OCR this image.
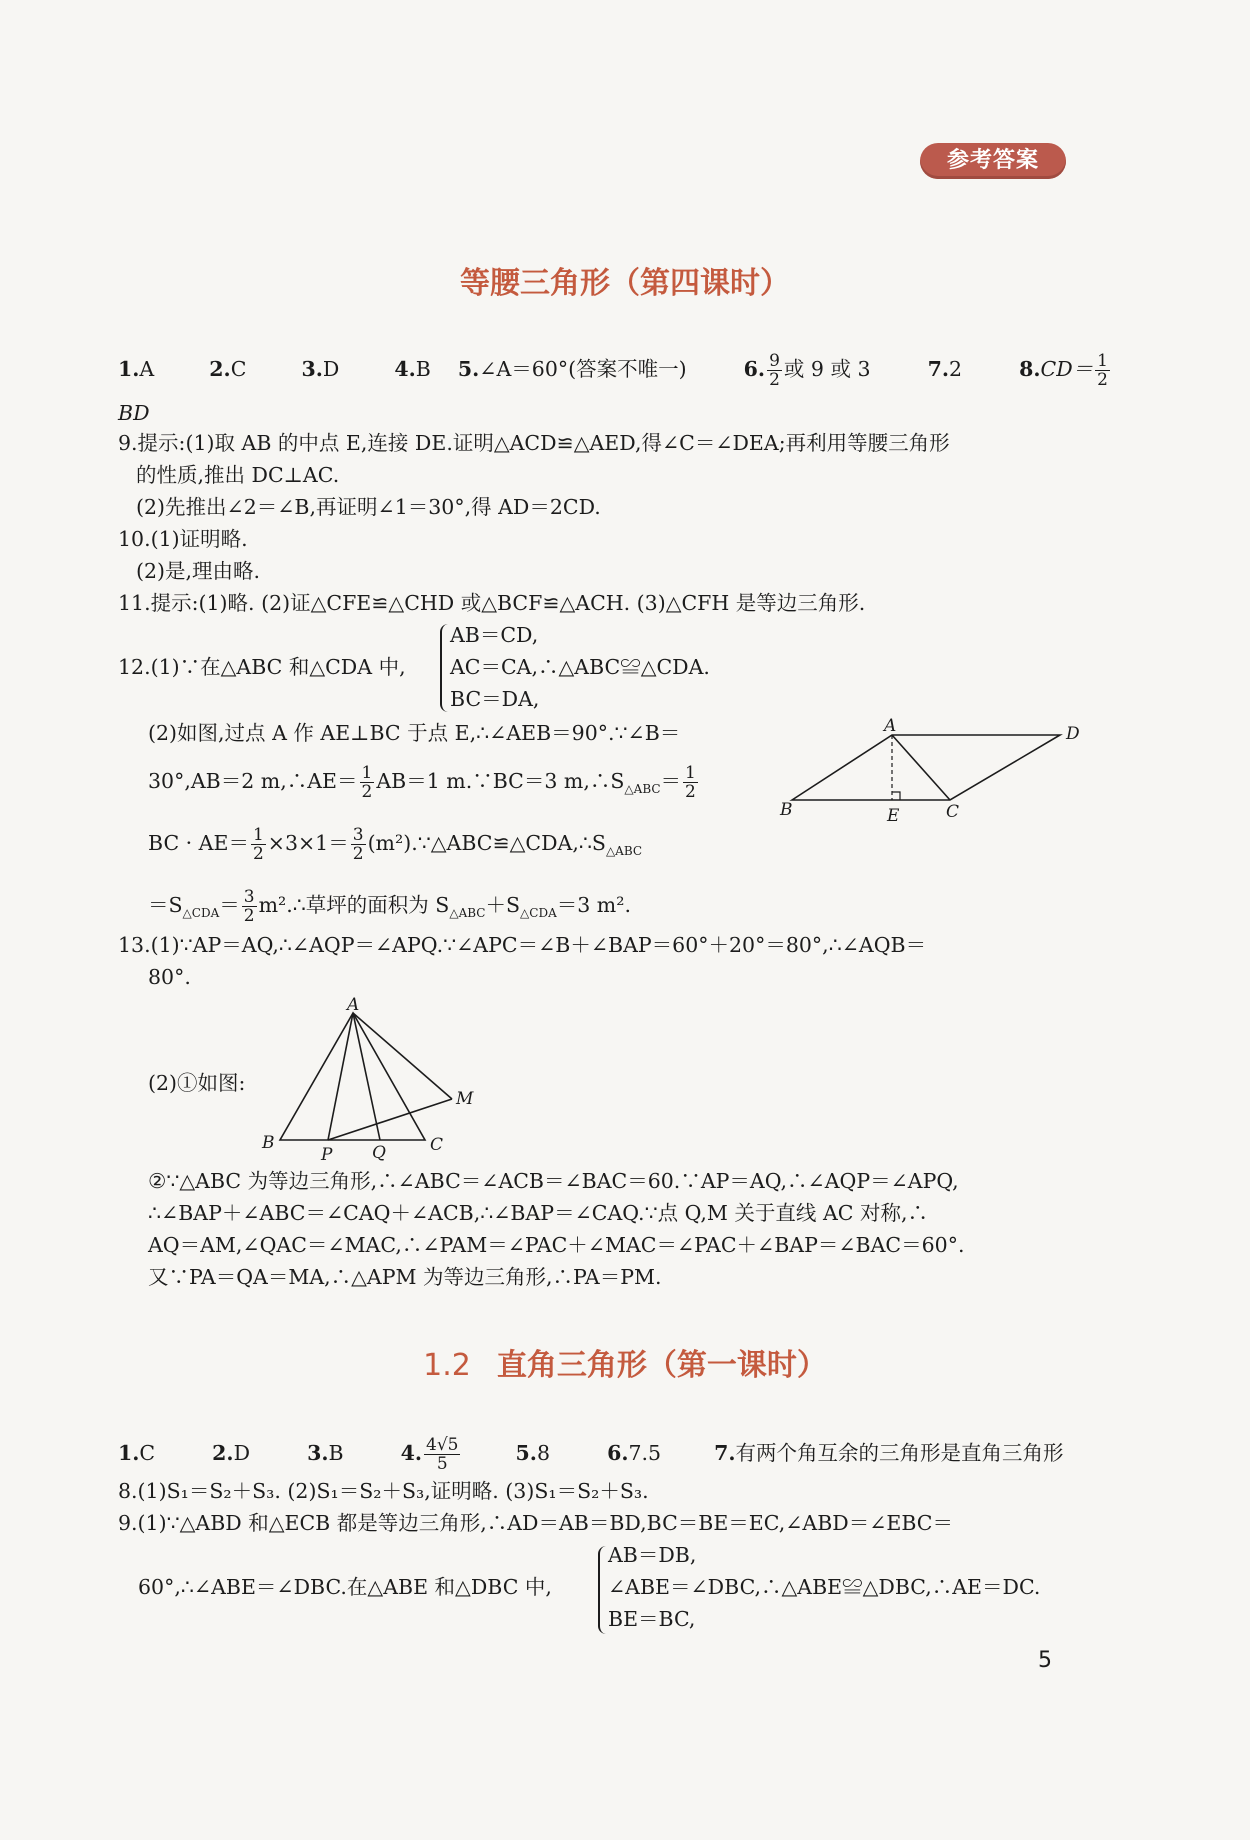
参考答案
等腰三角形（第四课时）
1.A	2.C	3.D	4.B 5.∠A＝60°(答案不唯一)	6. $\frac{9}{2}$ 或 9 或 3	7.2	$8.CD= \frac{1}{2}$
BD
9.提示:(1)取 AB 的中点 E,连接 DE.证明△ACD≌△AED,得∠C＝∠DEA;再利用等腰三角形
的性质,推出 DC⊥AC.
(2)先推出∠2＝∠B,再证明∠1＝30°,得 AD＝2CD.
10.(1)证明略.
(2)是,理由略.
11.提示:(1)略. (2)证△CFE≌△CHD 或△BCF≌△ACH. (3)△CFH 是等边三角形.
AB＝CD,
12.(1)∵在△ABC 和△CDA 中, AC＝CA,∴△ABC≌△CDA.
BC＝DA,
(2)如图,过点 A 作 AE⊥BC 于点 E,∴∠AEB＝90°.∵∠B＝
30°,AB＝2 m,∴AE＝ $\frac{1}{2} AB=1$ m.∵BC＝3 $m,\therefore S_{\triangle ABC}= \frac{1}{2}$
BC · $AE= \frac{1}{2} \times 3\times 1= \frac{3}{2}$ $(m^2).\because\triangle ABC≌\triangle CDA,\therefore S_{\triangle ABC}$
$=S_{\triangle CDA}= \frac{3}{2}$ m².∴草坪的面积为 $S_{\triangle ABC}+S_{\triangle CDA}=3$ m².
A	D
B	E	C
13.(1)∵AP＝AQ,∴∠AQP＝∠APQ.∵∠APC＝∠B＋∠BAP＝60°＋20°＝80°,∴∠AQB＝
80°.
(2)①如图:
A
M
B
P Q	C
②∵△ABC 为等边三角形,∴∠ABC＝∠ACB＝∠BAC＝60.∵AP＝AQ,∴∠AQP＝∠APQ,
∴∠BAP＋∠ABC＝∠CAQ＋∠ACB,∴∠BAP＝∠CAQ.∵点 Q,M 关于直线 AC 对称,∴
AQ＝AM,∠QAC＝∠MAC,∴∠PAM＝∠PAC＋∠MAC＝∠PAC＋∠BAP＝∠BAC＝60°.
又∵PA＝QA＝MA,∴△APM 为等边三角形,∴PA＝PM.
1.2 直角三角形（第一课时）
1.C	2.D	3.B	4. $\frac{4√5}{5}$	5.8	6.7.5	7.有两个角互余的三角形是直角三角形
8.(1)S₁＝S₂＋S₃. (2)S₁＝S₂＋S₃,证明略. (3)S₁＝S₂＋S₃.
9.(1)∵△ABD 和△ECB 都是等边三角形,∴AD＝AB＝BD,BC＝BE＝EC,∠ABD＝∠EBC＝
AB＝DB,
60°,∴∠ABE＝∠DBC.在△ABE 和△DBC 中,	∠ABE＝∠DBC,∴△ABE≌△DBC,∴AE＝DC.
BE＝BC,
5
